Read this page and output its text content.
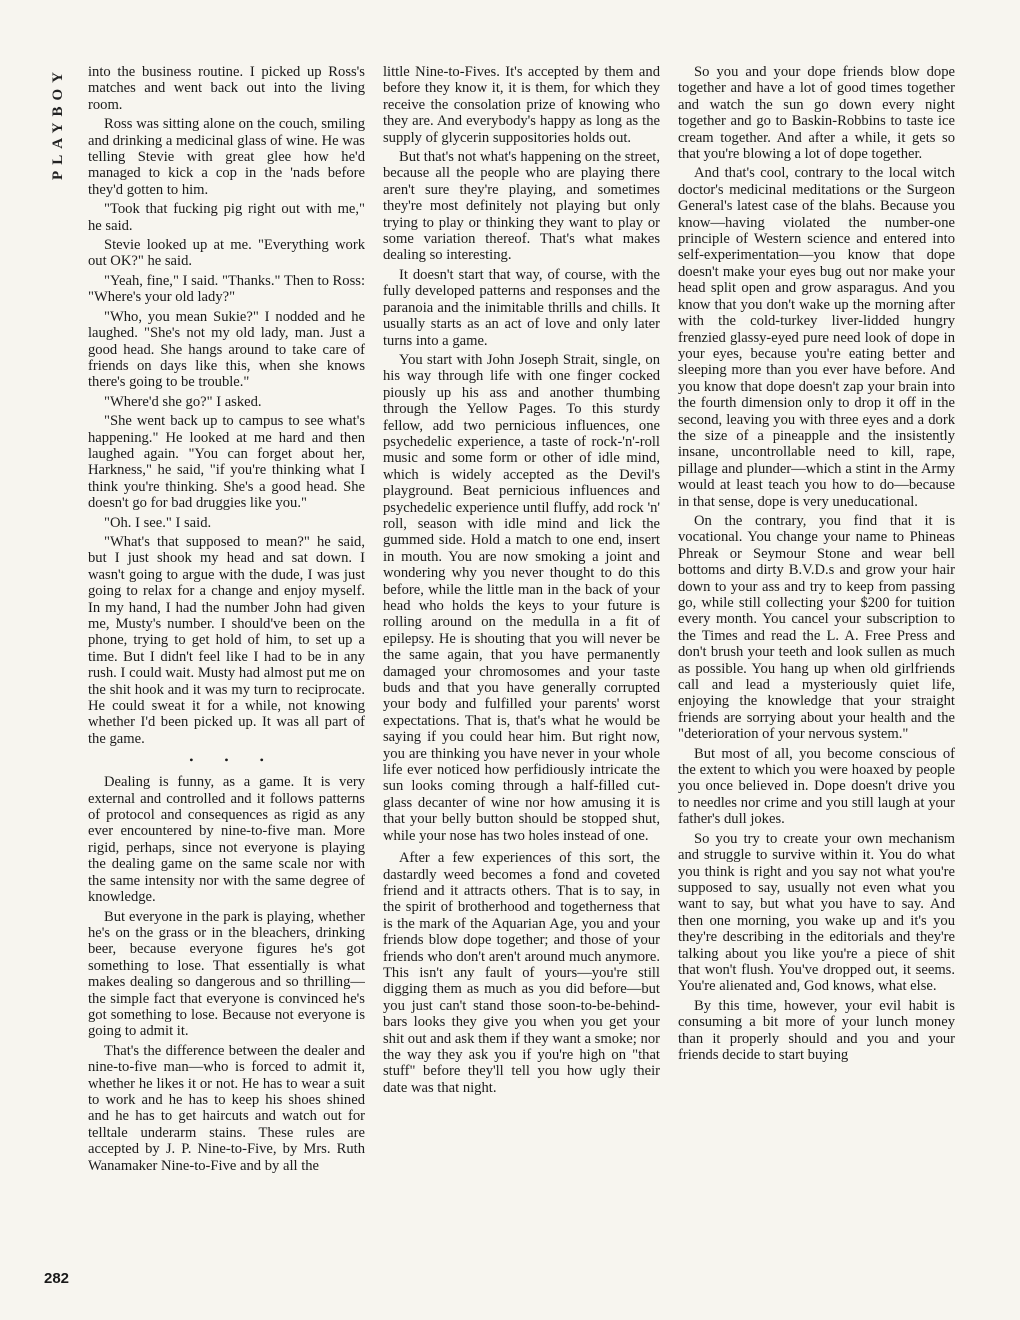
PLAYBOY
282

into the business routine. I picked up Ross's matches and went back out into the living room.

Ross was sitting alone on the couch, smiling and drinking a medicinal glass of wine. He was telling Stevie with great glee how he'd managed to kick a cop in the 'nads before they'd gotten to him.

"Took that fucking pig right out with me," he said.

Stevie looked up at me. "Everything work out OK?" he said.

"Yeah, fine," I said. "Thanks." Then to Ross: "Where's your old lady?"

"Who, you mean Sukie?" I nodded and he laughed. "She's not my old lady, man. Just a good head. She hangs around to take care of friends on days like this, when she knows there's going to be trouble."

"Where'd she go?" I asked.

"She went back up to campus to see what's happening." He looked at me hard and then laughed again. "You can forget about her, Harkness," he said, "if you're thinking what I think you're thinking. She's a good head. She doesn't go for bad druggies like you."

"Oh. I see." I said.

"What's that supposed to mean?" he said, but I just shook my head and sat down. I wasn't going to argue with the dude, I was just going to relax for a change and enjoy myself. In my hand, I had the number John had given me, Musty's number. I should've been on the phone, trying to get hold of him, to set up a time. But I didn't feel like I had to be in any rush. I could wait. Musty had almost put me on the shit hook and it was my turn to reciprocate. He could sweat it for a while, not knowing whether I'd been picked up. It was all part of the game.

• • •

Dealing is funny, as a game. It is very external and controlled and it follows patterns of protocol and consequences as rigid as any ever encountered by nine-to-five man. More rigid, perhaps, since not everyone is playing the dealing game on the same scale nor with the same intensity nor with the same degree of knowledge.

But everyone in the park is playing, whether he's on the grass or in the bleachers, drinking beer, because everyone figures he's got something to lose. That essentially is what makes dealing so dangerous and so thrilling—the simple fact that everyone is convinced he's got something to lose. Because not everyone is going to admit it.

That's the difference between the dealer and nine-to-five man—who is forced to admit it, whether he likes it or not. He has to wear a suit to work and he has to keep his shoes shined and he has to get haircuts and watch out for telltale underarm stains. These rules are accepted by J. P. Nine-to-Five, by Mrs. Ruth Wanamaker Nine-to-Five and by all the

little Nine-to-Fives. It's accepted by them and before they know it, it is them, for which they receive the consolation prize of knowing who they are. And everybody's happy as long as the supply of glycerin suppositories holds out.

But that's not what's happening on the street, because all the people who are playing there aren't sure they're playing, and sometimes they're most definitely not playing but only trying to play or thinking they want to play or some variation thereof. That's what makes dealing so interesting.

It doesn't start that way, of course, with the fully developed patterns and responses and the paranoia and the inimitable thrills and chills. It usually starts as an act of love and only later turns into a game.

You start with John Joseph Strait, single, on his way through life with one finger cocked piously up his ass and another thumbing through the Yellow Pages. To this sturdy fellow, add two pernicious influences, one psychedelic experience, a taste of rock-'n'-roll music and some form or other of idle mind, which is widely accepted as the Devil's playground. Beat pernicious influences and psychedelic experience until fluffy, add rock 'n' roll, season with idle mind and lick the gummed side. Hold a match to one end, insert in mouth. You are now smoking a joint and wondering why you never thought to do this before, while the little man in the back of your head who holds the keys to your future is rolling around on the medulla in a fit of epilepsy. He is shouting that you will never be the same again, that you have permanently damaged your chromosomes and your taste buds and that you have generally corrupted your body and fulfilled your parents' worst expectations. That is, that's what he would be saying if you could hear him. But right now, you are thinking you have never in your whole life ever noticed how perfidiously intricate the sun looks coming through a half-filled cut-glass decanter of wine nor how amusing it is that your belly button should be stopped shut, while your nose has two holes instead of one.

After a few experiences of this sort, the dastardly weed becomes a fond and coveted friend and it attracts others. That is to say, in the spirit of brotherhood and togetherness that is the mark of the Aquarian Age, you and your friends blow dope together; and those of your friends who don't aren't around much anymore. This isn't any fault of yours—you're still digging them as much as you did before—but you just can't stand those soon-to-be-behind-bars looks they give you when you get your shit out and ask them if they want a smoke; nor the way they ask you if you're high on "that stuff" before they'll tell you how ugly their date was that night.

So you and your dope friends blow dope together and have a lot of good times together and watch the sun go down every night together and go to Baskin-Robbins to taste ice cream together. And after a while, it gets so that you're blowing a lot of dope together.

And that's cool, contrary to the local witch doctor's medicinal meditations or the Surgeon General's latest case of the blahs. Because you know—having violated the number-one principle of Western science and entered into self-experimentation—you know that dope doesn't make your eyes bug out nor make your head split open and grow asparagus. And you know that you don't wake up the morning after with the cold-turkey liver-lidded hungry frenzied glassy-eyed pure need look of dope in your eyes, because you're eating better and sleeping more than you ever have before. And you know that dope doesn't zap your brain into the fourth dimension only to drop it off in the second, leaving you with three eyes and a dork the size of a pineapple and the insistently insane, uncontrollable need to kill, rape, pillage and plunder—which a stint in the Army would at least teach you how to do—because in that sense, dope is very uneducational.

On the contrary, you find that it is vocational. You change your name to Phineas Phreak or Seymour Stone and wear bell bottoms and dirty B.V.D.s and grow your hair down to your ass and try to keep from passing go, while still collecting your $200 for tuition every month. You cancel your subscription to the Times and read the L. A. Free Press and don't brush your teeth and look sullen as much as possible. You hang up when old girlfriends call and lead a mysteriously quiet life, enjoying the knowledge that your straight friends are sorrying about your health and the "deterioration of your nervous system."

But most of all, you become conscious of the extent to which you were hoaxed by people you once believed in. Dope doesn't drive you to needles nor crime and you still laugh at your father's dull jokes.

So you try to create your own mechanism and struggle to survive within it. You do what you think is right and you say not what you're supposed to say, usually not even what you want to say, but what you have to say. And then one morning, you wake up and it's you they're describing in the editorials and they're talking about you like you're a piece of shit that won't flush. You've dropped out, it seems. You're alienated and, God knows, what else.

By this time, however, your evil habit is consuming a bit more of your lunch money than it properly should and you and your friends decide to start buying
